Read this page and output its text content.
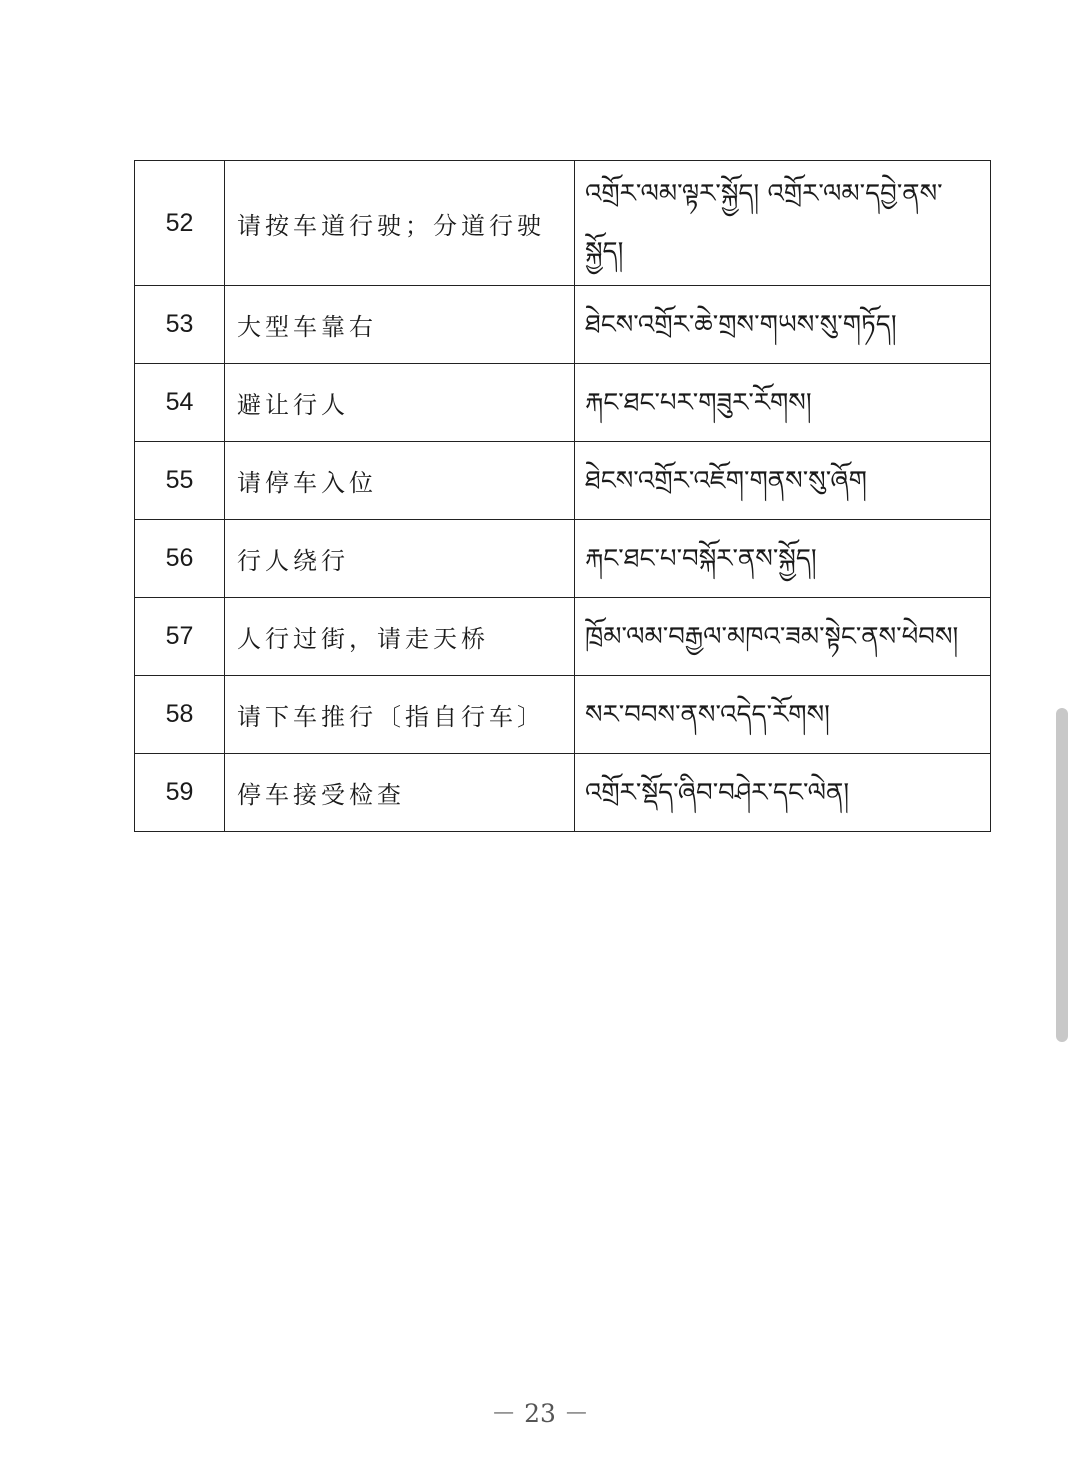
52	请按车道行驶；分道行驶	འགྲོར་ལམ་ལྟར་སྐྱོད། འགྲོར་ལམ་དབྱེ་ནས་སྐྱོད།
53	大型车靠右	ཐེངས་འགྲོར་ཆེ་གྲས་གཡས་སུ་གཏོད།
54	避让行人	རྐང་ཐང་པར་གཟུར་རོགས།
55	请停车入位	ཐེངས་འགྲོར་འཇོག་གནས་སུ་ཞོག
56	行人绕行	རྐང་ཐང་པ་བསྐོར་ནས་སྐྱོད།
57	人行过街，请走天桥	ཁྲོམ་ལམ་བརྒྱལ་མཁའ་ཟམ་སྟེང་ནས་ཕེབས།
58	请下车推行〔指自行车〕	སར་བབས་ནས་འདེད་རོགས།
59	停车接受检查	འགྲོར་སྡོད་ཞིབ་བཤེར་དང་ལེན།
－ 23 －
